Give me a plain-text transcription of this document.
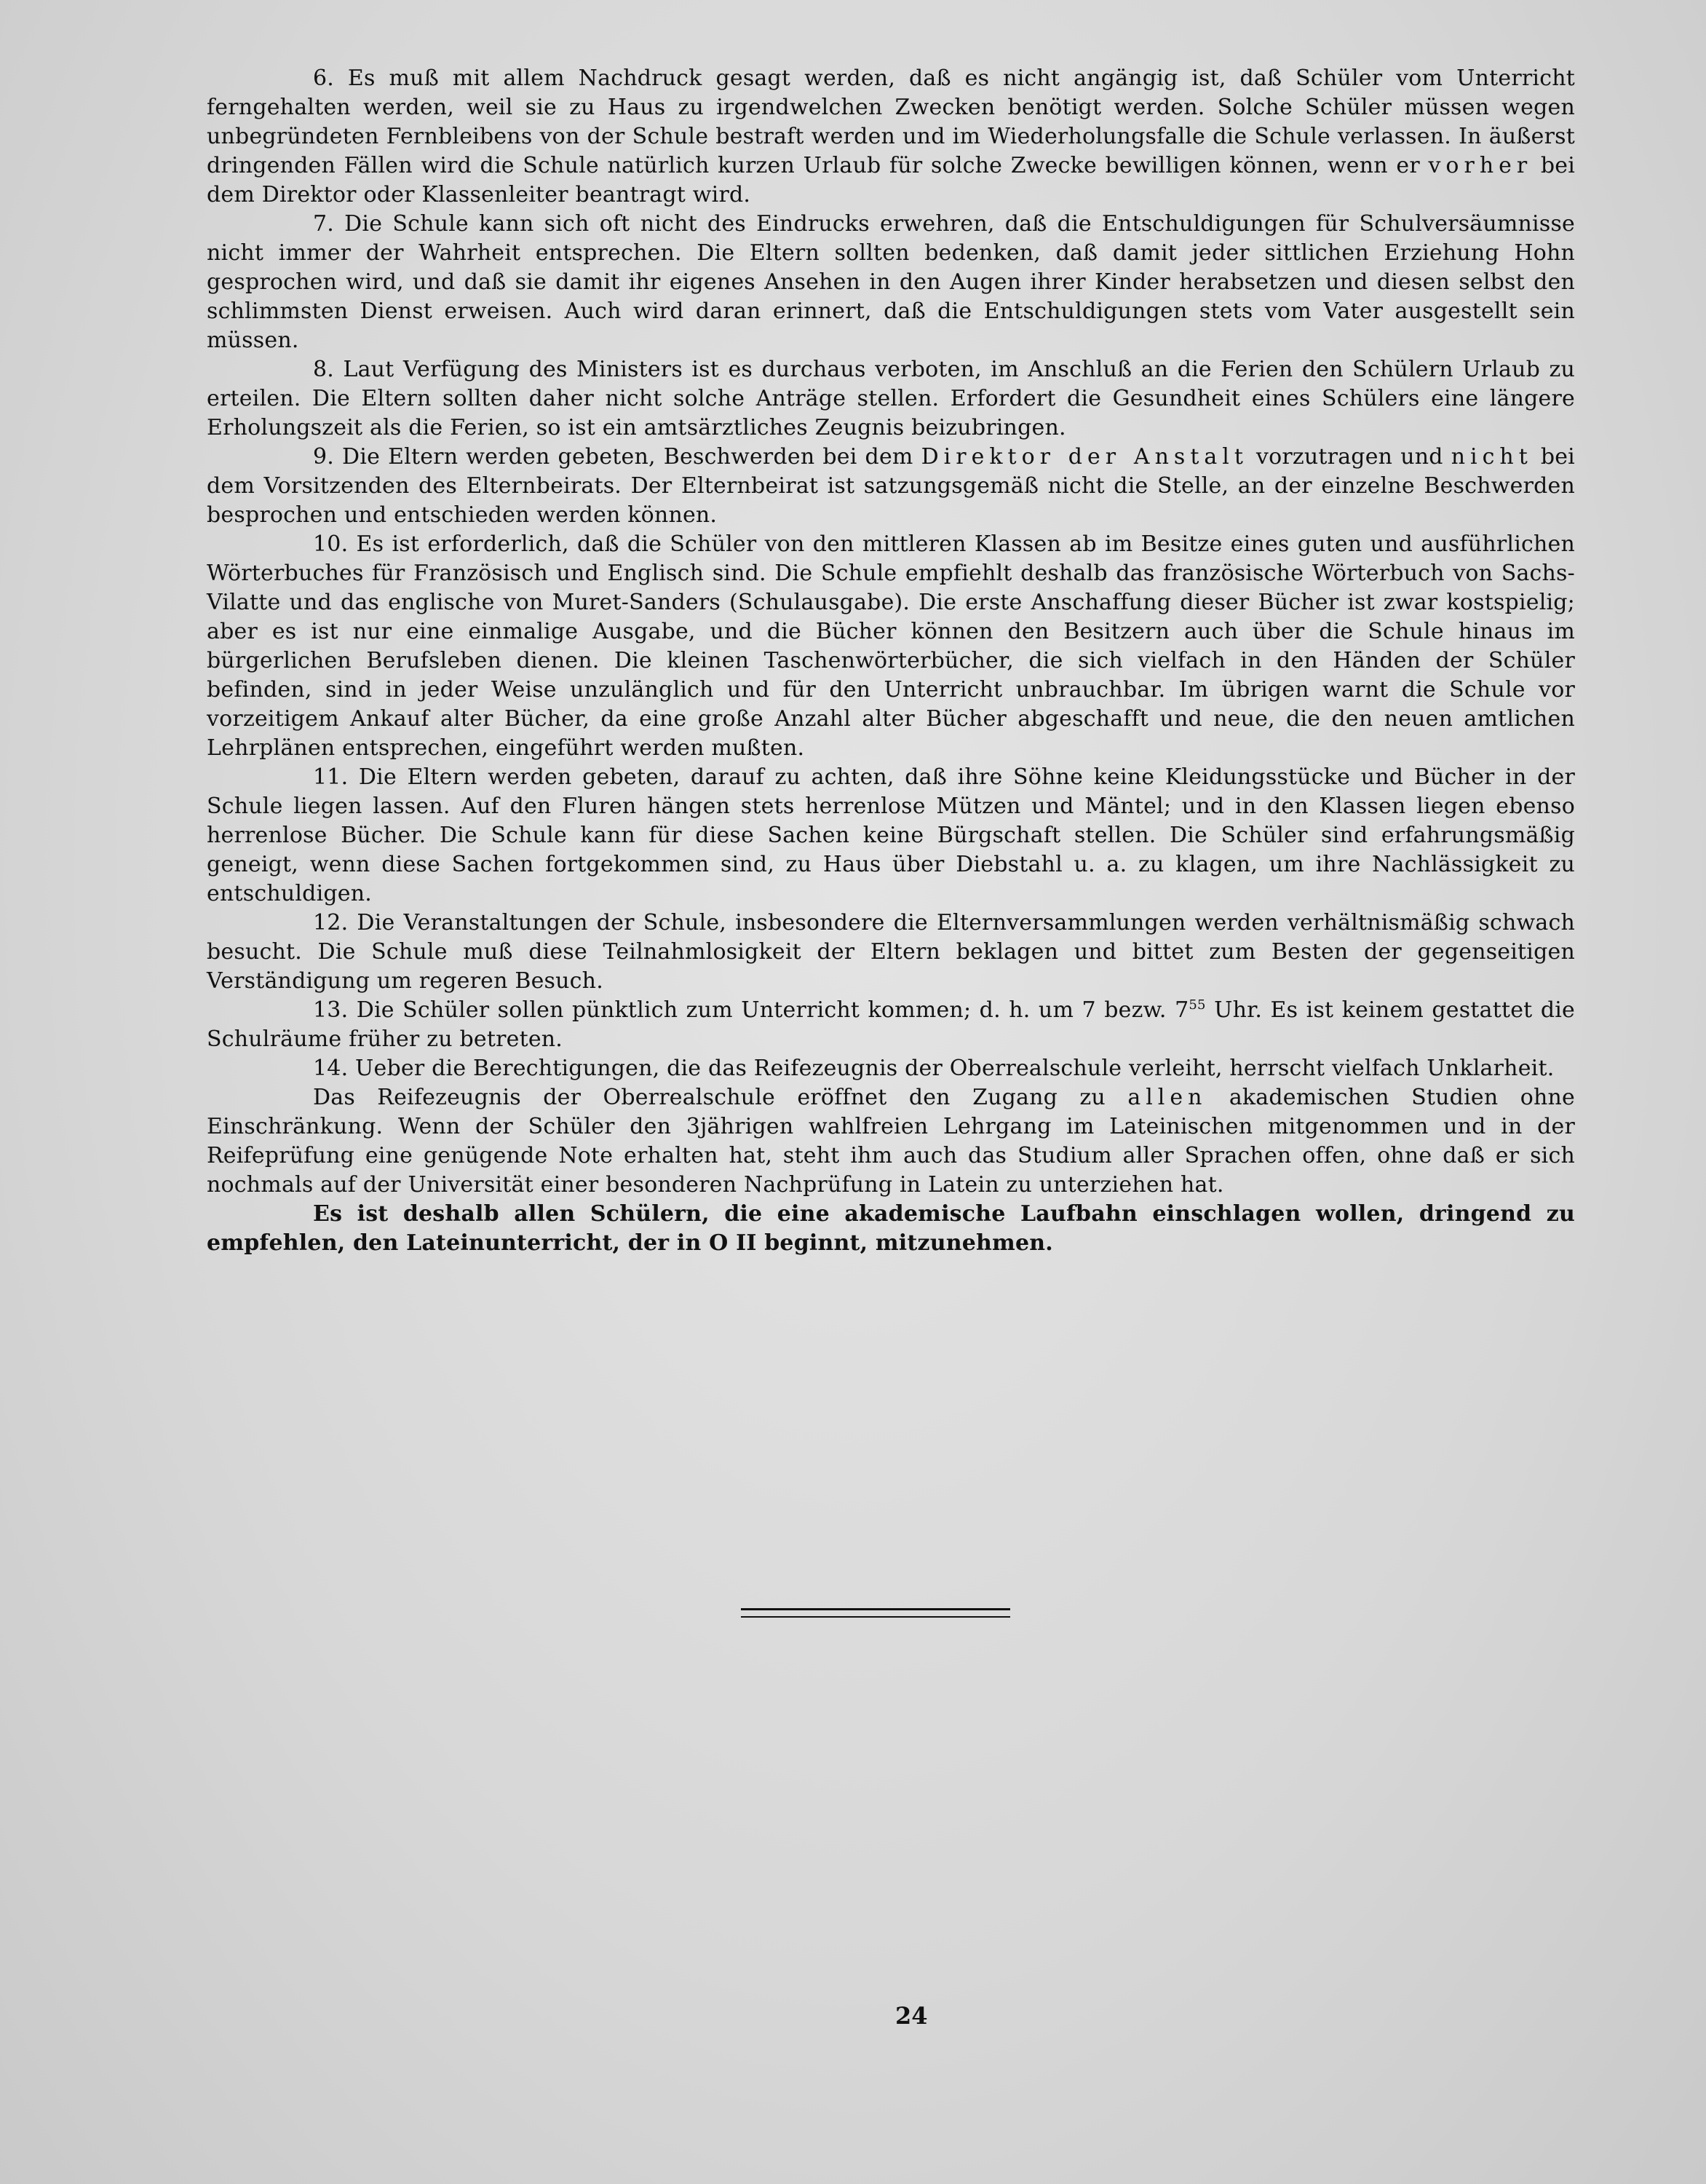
6. Es muß mit allem Nachdruck gesagt werden, daß es nicht angängig ist, daß Schüler vom Unterricht ferngehalten werden, weil sie zu Haus zu irgendwelchen Zwecken benötigt werden. Solche Schüler müssen wegen unbegründeten Fernbleibens von der Schule bestraft werden und im Wiederholungsfalle die Schule verlassen. In äußerst dringenden Fällen wird die Schule natürlich kurzen Urlaub für solche Zwecke bewilligen können, wenn er vorher bei dem Direktor oder Klassenleiter beantragt wird.

7. Die Schule kann sich oft nicht des Eindrucks erwehren, daß die Entschuldigungen für Schulversäumnisse nicht immer der Wahrheit entsprechen. Die Eltern sollten bedenken, daß damit jeder sittlichen Erziehung Hohn gesprochen wird, und daß sie damit ihr eigenes Ansehen in den Augen ihrer Kinder herabsetzen und diesen selbst den schlimmsten Dienst erweisen. Auch wird daran erinnert, daß die Entschuldigungen stets vom Vater ausgestellt sein müssen.

8. Laut Verfügung des Ministers ist es durchaus verboten, im Anschluß an die Ferien den Schülern Urlaub zu erteilen. Die Eltern sollten daher nicht solche Anträge stellen. Erfordert die Gesundheit eines Schülers eine längere Erholungszeit als die Ferien, so ist ein amtsärztliches Zeugnis beizubringen.

9. Die Eltern werden gebeten, Beschwerden bei dem Direktor der Anstalt vorzutragen und nicht bei dem Vorsitzenden des Elternbeirats. Der Elternbeirat ist satzungsgemäß nicht die Stelle, an der einzelne Beschwerden besprochen und entschieden werden können.

10. Es ist erforderlich, daß die Schüler von den mittleren Klassen ab im Besitze eines guten und ausführlichen Wörterbuches für Französisch und Englisch sind. Die Schule empfiehlt deshalb das französische Wörterbuch von Sachs-Vilatte und das englische von Muret-Sanders (Schulausgabe). Die erste Anschaffung dieser Bücher ist zwar kostspielig; aber es ist nur eine einmalige Ausgabe, und die Bücher können den Besitzern auch über die Schule hinaus im bürgerlichen Berufsleben dienen. Die kleinen Taschenwörterbücher, die sich vielfach in den Händen der Schüler befinden, sind in jeder Weise unzulänglich und für den Unterricht unbrauchbar. Im übrigen warnt die Schule vor vorzeitigem Ankauf alter Bücher, da eine große Anzahl alter Bücher abgeschafft und neue, die den neuen amtlichen Lehrplänen entsprechen, eingeführt werden mußten.

11. Die Eltern werden gebeten, darauf zu achten, daß ihre Söhne keine Kleidungsstücke und Bücher in der Schule liegen lassen. Auf den Fluren hängen stets herrenlose Mützen und Mäntel; und in den Klassen liegen ebenso herrenlose Bücher. Die Schule kann für diese Sachen keine Bürgschaft stellen. Die Schüler sind erfahrungsmäßig geneigt, wenn diese Sachen fortgekommen sind, zu Haus über Diebstahl u. a. zu klagen, um ihre Nachlässigkeit zu entschuldigen.

12. Die Veranstaltungen der Schule, insbesondere die Elternversammlungen werden verhältnismäßig schwach besucht. Die Schule muß diese Teilnahmlosigkeit der Eltern beklagen und bittet zum Besten der gegenseitigen Verständigung um regeren Besuch.

13. Die Schüler sollen pünktlich zum Unterricht kommen; d. h. um 7 bezw. $7^{55}$ Uhr. Es ist keinem gestattet die Schulräume früher zu betreten.

14. Ueber die Berechtigungen, die das Reifezeugnis der Oberrealschule verleiht, herrscht vielfach Unklarheit.

Das Reifezeugnis der Oberrealschule eröffnet den Zugang zu allen akademischen Studien ohne Einschränkung. Wenn der Schüler den 3jährigen wahlfreien Lehrgang im Lateinischen mitgenommen und in der Reifeprüfung eine genügende Note erhalten hat, steht ihm auch das Studium aller Sprachen offen, ohne daß er sich nochmals auf der Universität einer besonderen Nachprüfung in Latein zu unterziehen hat.

Es ist deshalb allen Schülern, die eine akademische Laufbahn einschlagen wollen, dringend zu empfehlen, den Lateinunterricht, der in O II beginnt, mitzunehmen.

24
